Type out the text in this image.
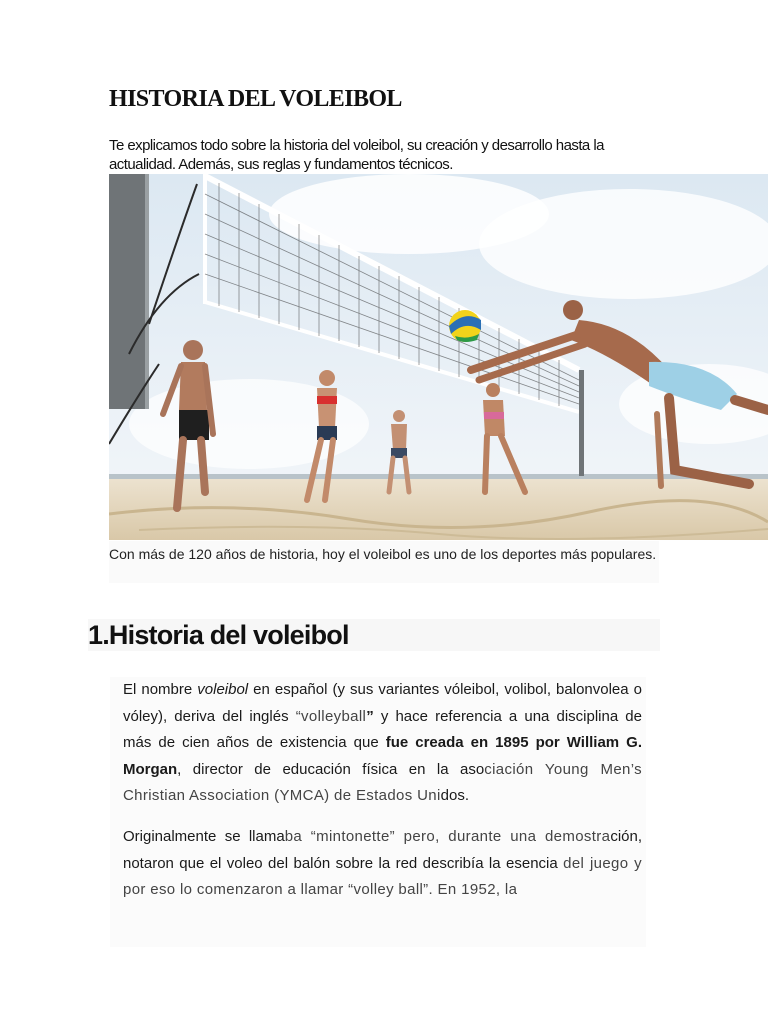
HISTORIA DEL VOLEIBOL

Te explicamos todo sobre la historia del voleibol, su creación y desarrollo hasta la actualidad. Además, sus reglas y fundamentos técnicos.

Con más de 120 años de historia, hoy el voleibol es uno de los deportes más populares.

1.Historia del voleibol

El nombre voleibol en español (y sus variantes vóleibol, volibol, balonvolea o vóley), deriva del inglés “volleyball” y hace referencia a una disciplina de más de cien años de existencia que fue creada en 1895 por William G. Morgan, director de educación física en la asociación Young Men’s Christian Association (YMCA) de Estados Unidos.

Originalmente se llamaba “mintonette” pero, durante una demostración, notaron que el voleo del balón sobre la red describía la esencia del juego y por eso lo comenzaron a llamar “volley ball”. En 1952, la
